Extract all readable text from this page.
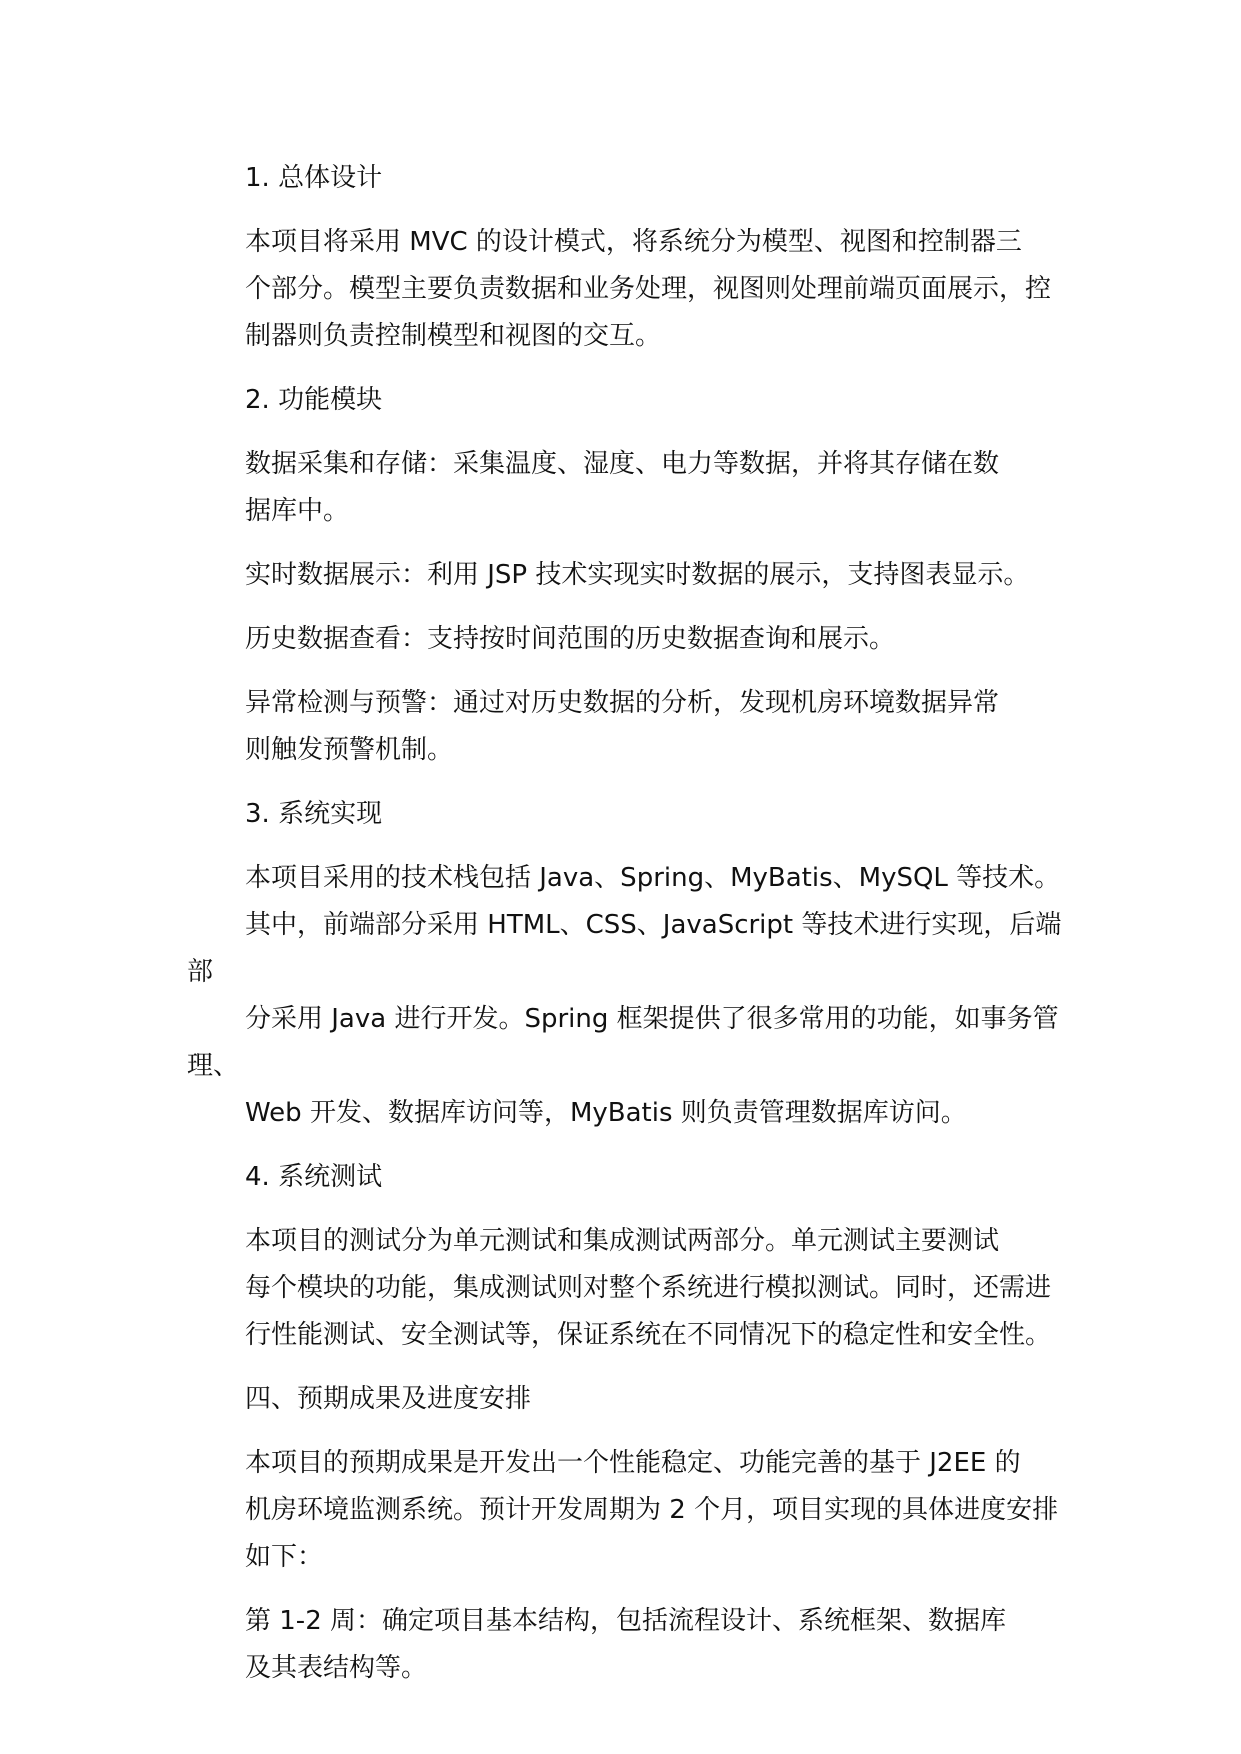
1. 总体设计

本项目将采用 MVC 的设计模式，将系统分为模型、视图和控制器三
个部分。模型主要负责数据和业务处理，视图则处理前端页面展示，控
制器则负责控制模型和视图的交互。

2. 功能模块

数据采集和存储：采集温度、湿度、电力等数据，并将其存储在数
据库中。

实时数据展示：利用 JSP 技术实现实时数据的展示，支持图表显示。

历史数据查看：支持按时间范围的历史数据查询和展示。

异常检测与预警：通过对历史数据的分析，发现机房环境数据异常
则触发预警机制。

3. 系统实现

本项目采用的技术栈包括 Java、Spring、MyBatis、MySQL 等技术。
其中，前端部分采用 HTML、CSS、JavaScript 等技术进行实现，后端部
分采用 Java 进行开发。Spring 框架提供了很多常用的功能，如事务管理、
Web 开发、数据库访问等，MyBatis 则负责管理数据库访问。

4. 系统测试

本项目的测试分为单元测试和集成测试两部分。单元测试主要测试
每个模块的功能，集成测试则对整个系统进行模拟测试。同时，还需进
行性能测试、安全测试等，保证系统在不同情况下的稳定性和安全性。

四、预期成果及进度安排

本项目的预期成果是开发出一个性能稳定、功能完善的基于 J2EE 的
机房环境监测系统。预计开发周期为 2 个月，项目实现的具体进度安排
如下：

第 1-2 周：确定项目基本结构，包括流程设计、系统框架、数据库
及其表结构等。
